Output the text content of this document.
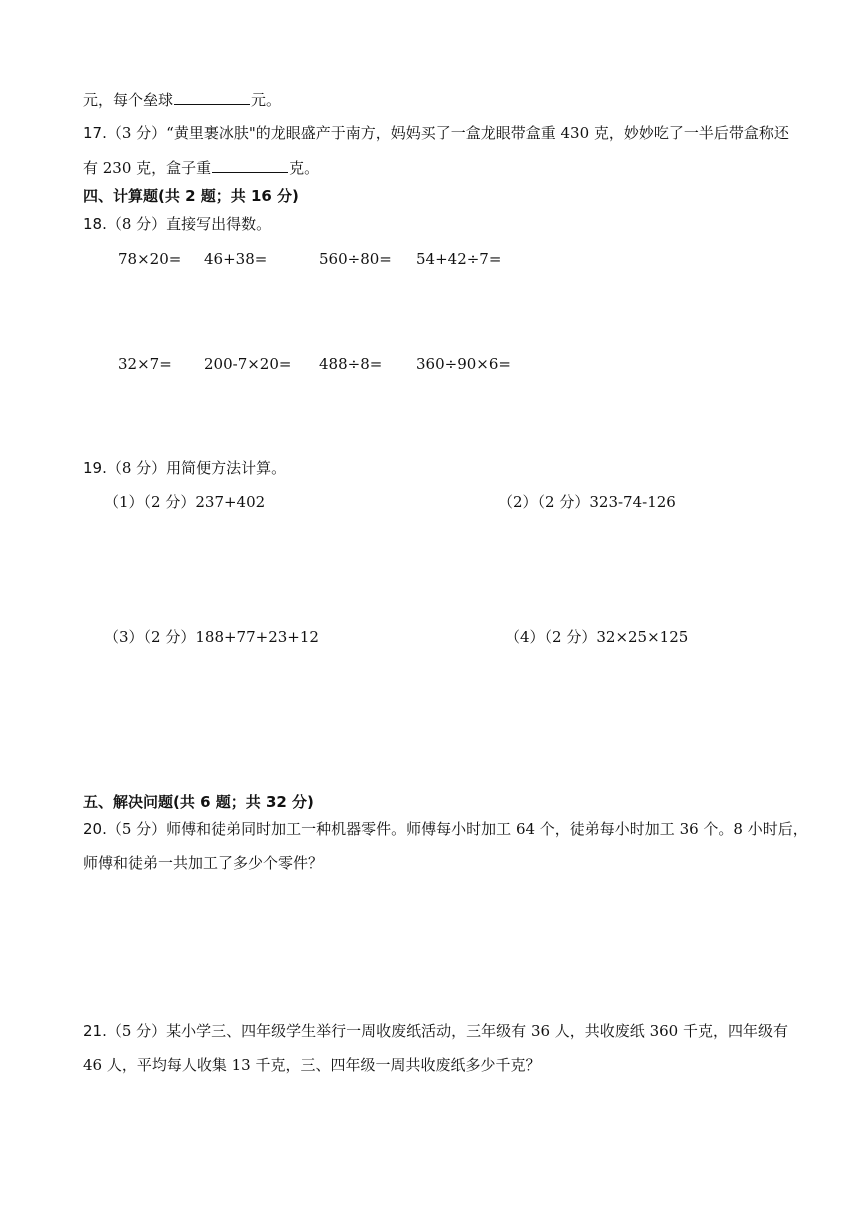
元，每个垒球	元。
17.（3 分）“黄里裹冰肤"的龙眼盛产于南方，妈妈买了一盒龙眼带盒重 430 克，妙妙吃了一半后带盒称还
有 230 克，盒子重	克。
四、计算题(共 2 题；共 16 分)
18.（8 分）直接写出得数。
78×20= 46+38=	560÷80= 54+42÷7=
32×7= 200-7×20= 488÷8= 360÷90×6=
19.（8 分）用简便方法计算。
（1）（2 分）237+402	（2）（2 分）323-74-126
（3）（2 分）188+77+23+12	（4）（2 分）32×25×125
五、解决问题(共 6 题；共 32 分)
20.（5 分）师傅和徒弟同时加工一种机器零件。师傅每小时加工 64 个，徒弟每小时加工 36 个。8 小时后，
师傅和徒弟一共加工了多少个零件？
21.（5 分）某小学三、四年级学生举行一周收废纸活动，三年级有 36 人，共收废纸 360 千克，四年级有
46 人，平均每人收集 13 千克，三、四年级一周共收废纸多少千克？
